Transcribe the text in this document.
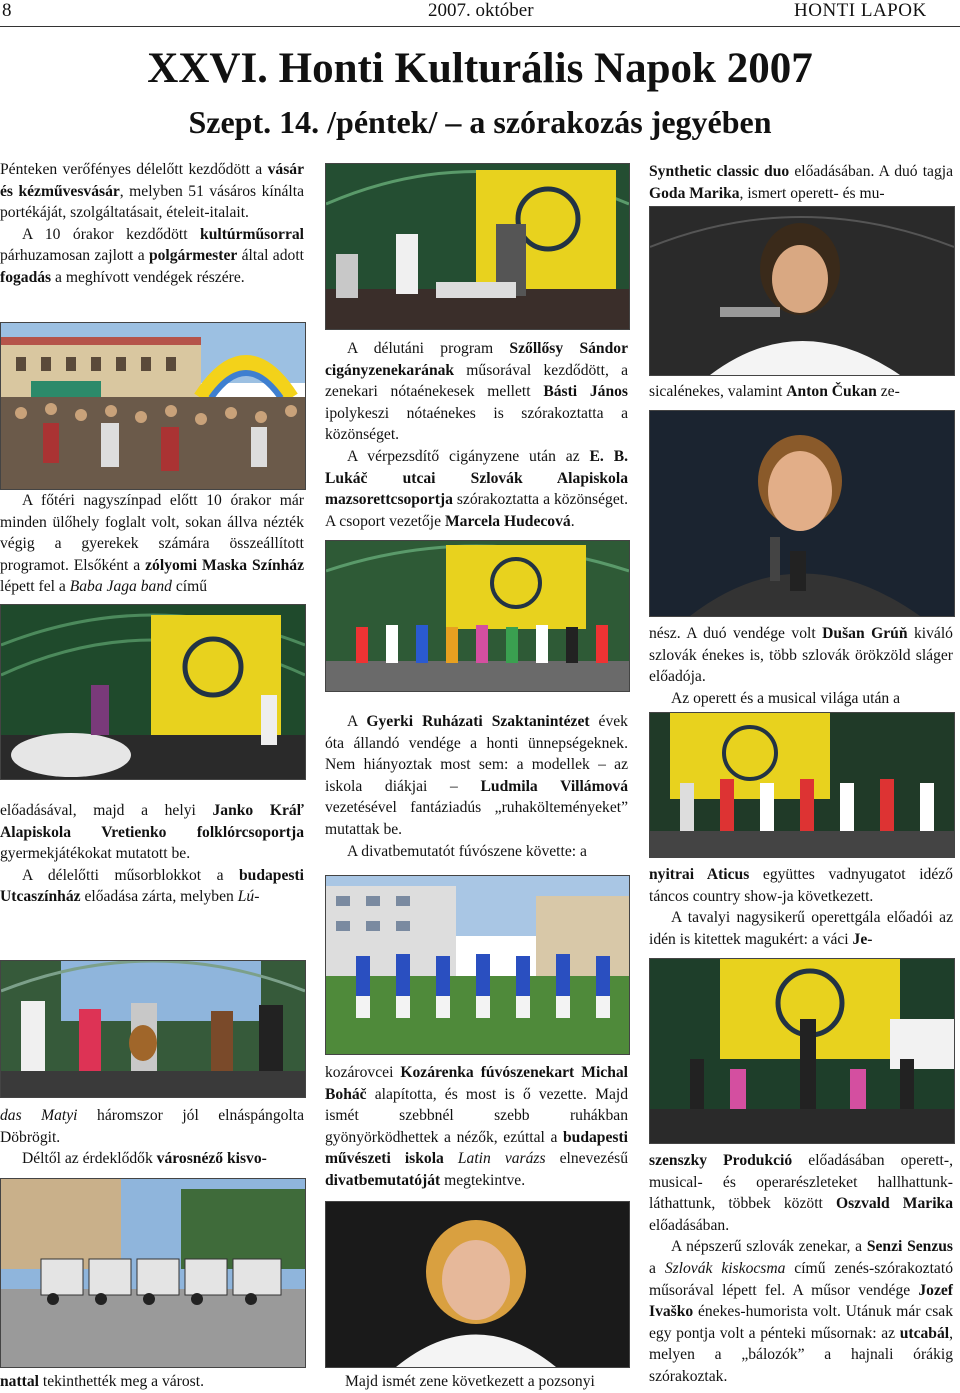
8	2007. október	HONTI LAPOK
XXVI. Honti Kulturális Napok 2007
Szept. 14. /péntek/ – a szórakozás jegyében

Pénteken verőfényes délelőtt kezdődött a vásár és kézművesvásár, melyben 51 vásáros kínálta portékáját, szolgáltatásait, ételeit-italait.

A 10 órakor kezdődött kultúrműsorral párhuzamosan zajlott a polgármester által adott fogadás a meghívott vendégek részére.

A főtéri nagyszínpad előtt 10 órakor már minden ülőhely foglalt volt, sokan állva nézték végig a gyerekek számára összeállított programot. Elsőként a zólyomi Maska Színház lépett fel a Baba Jaga band című

előadásával, majd a helyi Janko Kráľ Alapiskola Vretienko folklórcsoportja gyermekjátékokat mutatott be.

A délelőtti műsorblokkot a budapesti Utcaszínház előadása zárta, melyben Lú-

das Matyi háromszor jól elnáspángolta Döbrögit.

Déltől az érdeklődők városnéző kisvo-

nattal tekinthették meg a várost.

A délutáni program Szőllősy Sándor cigányzenekarának műsorával kezdődött, a zenekari nótaénekesek mellett Básti János ipolykeszi nótaénekes is szórakoztatta a közönséget.

A vérpezsdítő cigányzene után az E. B. Lukáč utcai Szlovák Alapiskola mazsorettcsoportja szórakoztatta a közönséget. A csoport vezetője Marcela Hudecová.

A Gyerki Ruházati Szaktanintézet évek óta állandó vendége a honti ünnepségeknek. Nem hiányoztak most sem: a modellek – az iskola diákjai – Ludmila Villámová vezetésével fantáziadús „ruhakölteményeket” mutattak be.

A divatbemutatót fúvószene követte: a

kozárovcei Kozárenka fúvószenekart Michal Boháč alapította, és most is ő vezette. Majd ismét szebbnél szebb ruhákban gyönyörködhettek a nézők, ezúttal a budapesti művészeti iskola Latin varázs elnevezésű divatbemutatóját megtekintve.

Majd ismét zene következett a pozsonyi

Synthetic classic duo előadásában. A duó tagja Goda Marika, ismert operett- és mu-

sicalénekes, valamint Anton Čukan ze-

nész. A duó vendége volt Dušan Grúň kiváló szlovák énekes is, több szlovák örökzöld sláger előadója.

Az operett és a musical világa után a

nyitrai Aticus együttes vadnyugatot idéző táncos country show-ja következett.

A tavalyi nagysikerű operettgála előadói az idén is kitettek magukért: a váci Je-

szenszky Produkció előadásában operett-, musical- és operarészleteket hallhattunkláthattunk, többek között Oszvald Marika előadásában.

A népszerű szlovák zenekar, a Senzi Senzus a Szlovák kiskocsma című zenés-szórakoztató műsorával lépett fel. A műsor vendége Jozef Ivaško énekes-humorista volt. Utánuk már csak egy pontja volt a pénteki műsornak: az utcabál, melyen a „bálozók” a hajnali órákig szórakoztak.
